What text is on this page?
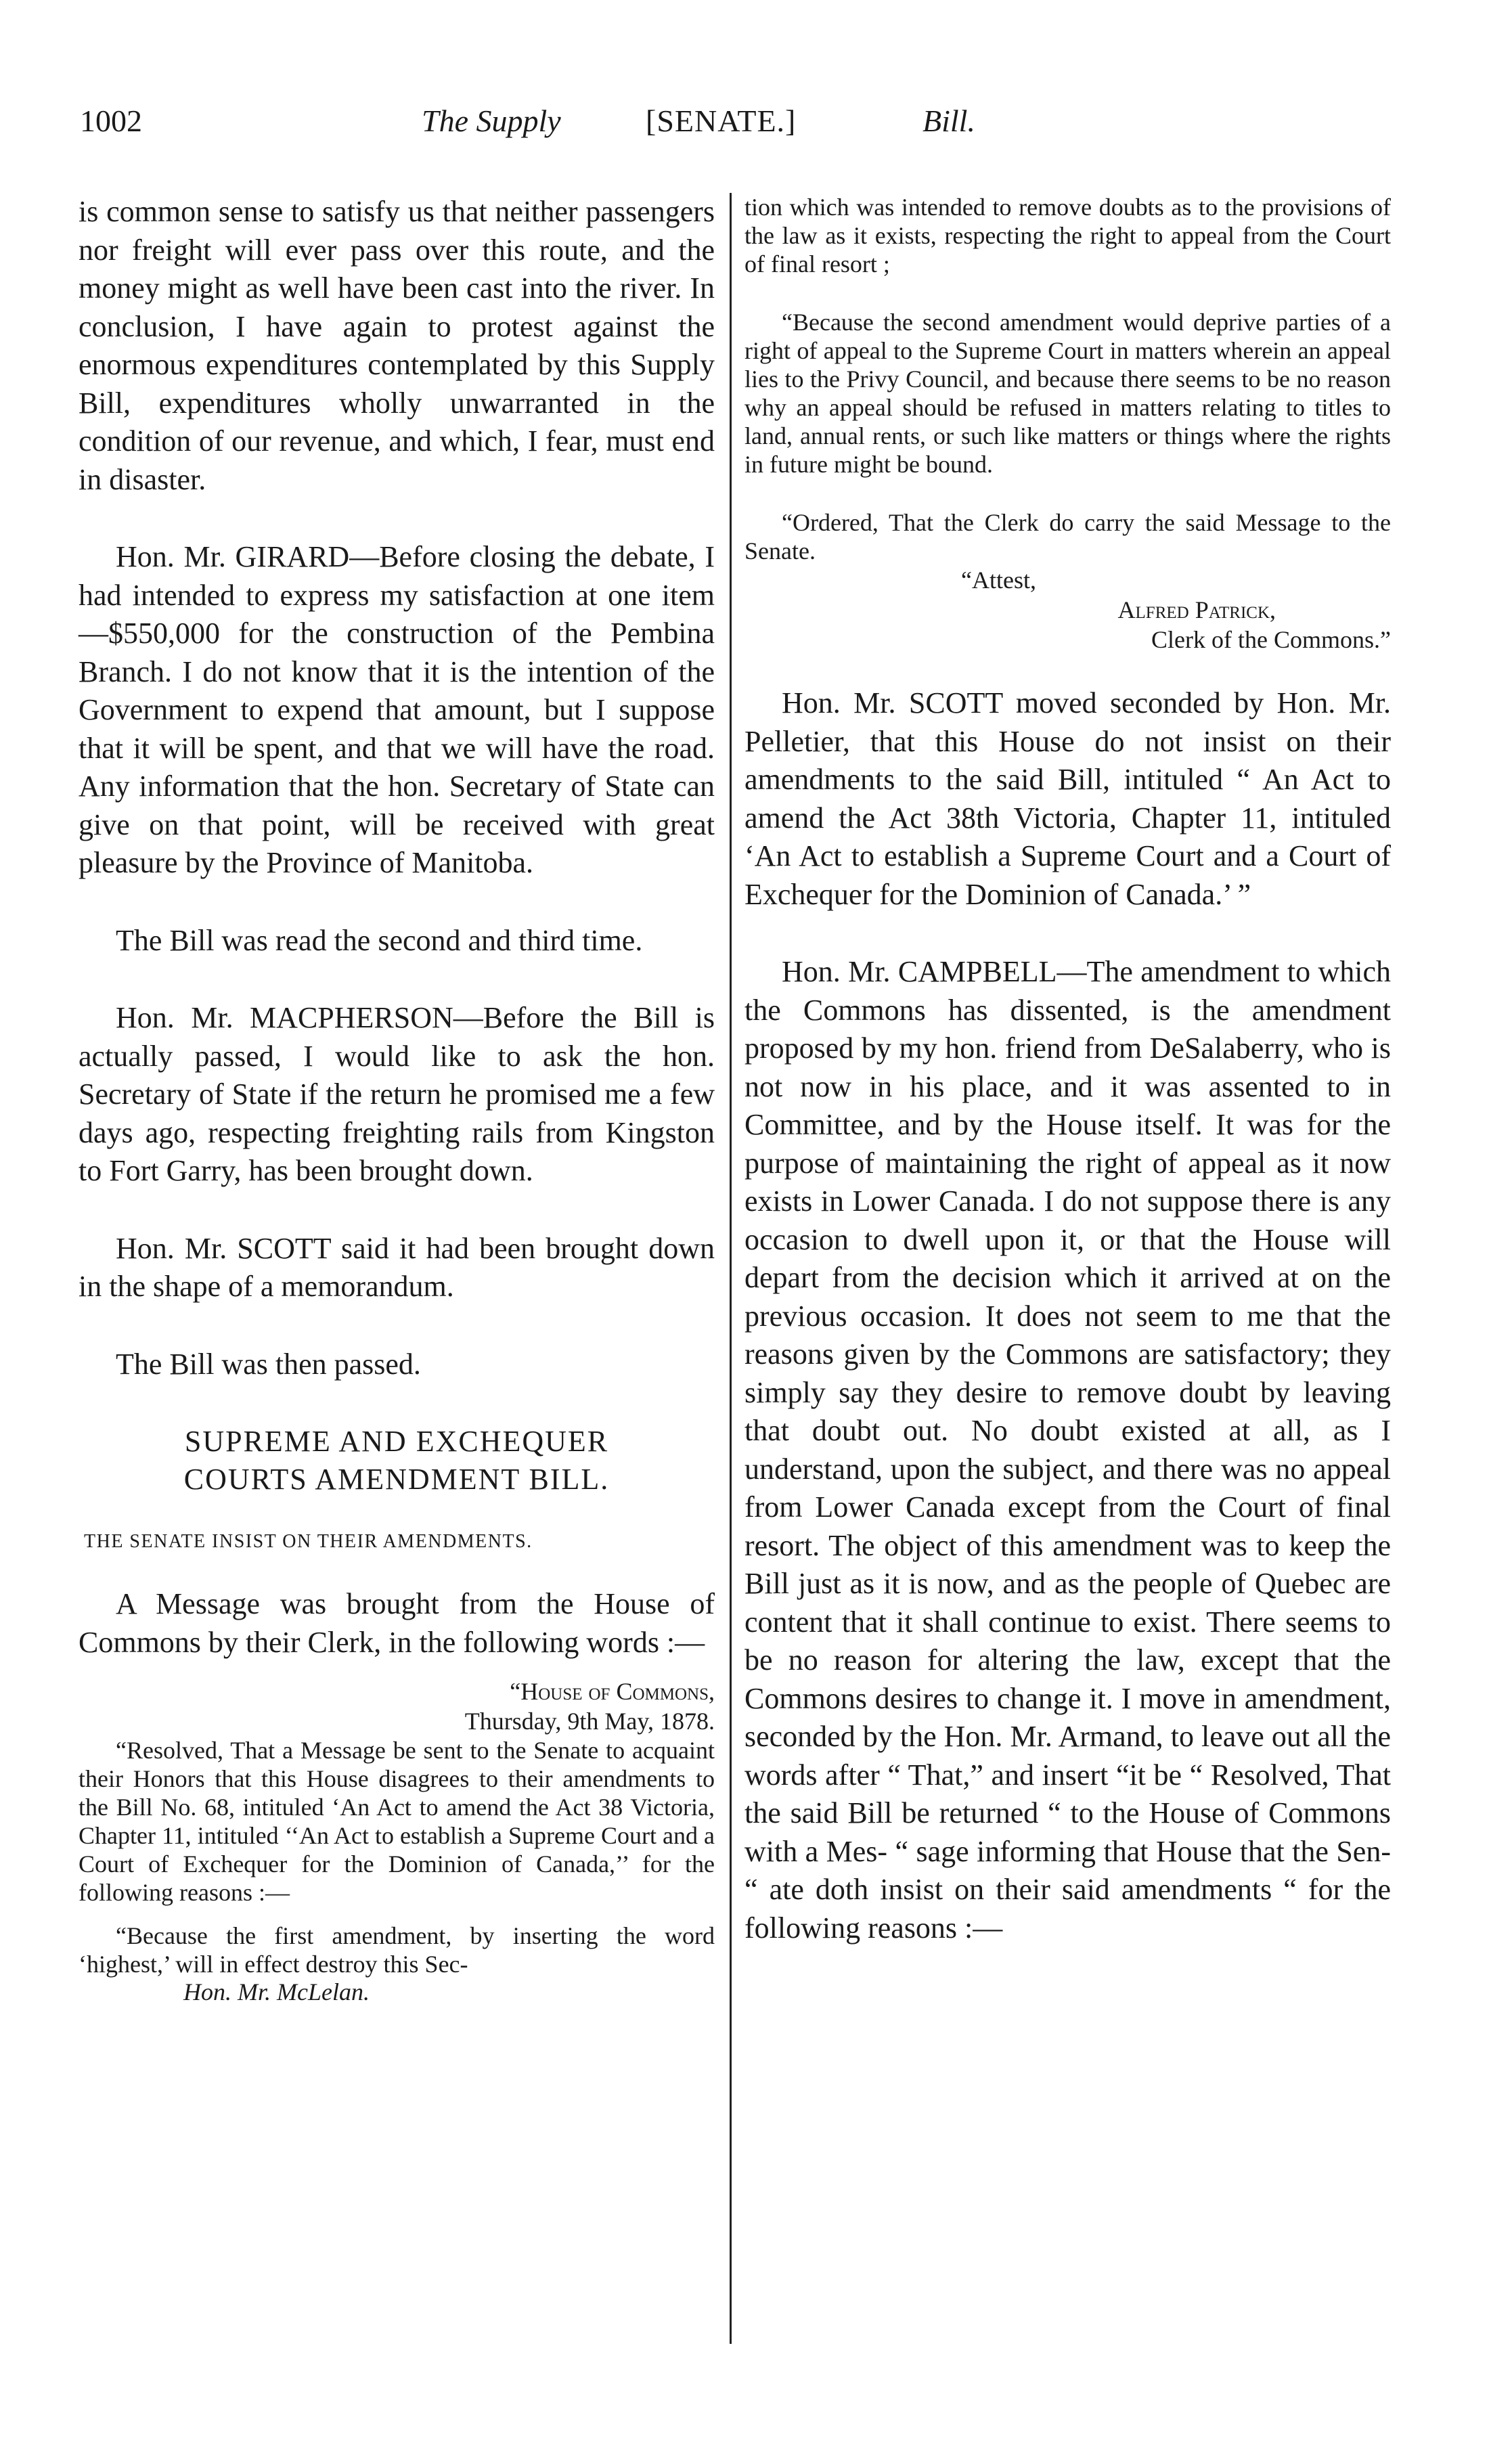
1002	The Supply	[SENATE.]	Bill.

is common sense to satisfy us that neither passengers nor freight will ever pass over this route, and the money might as well have been cast into the river. In conclusion, I have again to protest against the enormous expenditures contemplated by this Supply Bill, expenditures wholly unwarranted in the condition of our revenue, and which, I fear, must end in disaster.

Hon. Mr. GIRARD—Before closing the debate, I had intended to express my satisfaction at one item—$550,000 for the construction of the Pembina Branch. I do not know that it is the intention of the Government to expend that amount, but I suppose that it will be spent, and that we will have the road. Any information that the hon. Secretary of State can give on that point, will be received with great pleasure by the Province of Manitoba.

The Bill was read the second and third time.

Hon. Mr. MACPHERSON—Before the Bill is actually passed, I would like to ask the hon. Secretary of State if the return he promised me a few days ago, respecting freighting rails from Kingston to Fort Garry, has been brought down.

Hon. Mr. SCOTT said it had been brought down in the shape of a memorandum.

The Bill was then passed.

SUPREME AND EXCHEQUER
COURTS AMENDMENT BILL.
THE SENATE INSIST ON THEIR AMENDMENTS.

A Message was brought from the House of Commons by their Clerk, in the following words :—

“House of Commons,
Thursday, 9th May, 1878.

“Resolved, That a Message be sent to the Senate to acquaint their Honors that this House disagrees to their amendments to the Bill No. 68, intituled ‘An Act to amend the Act 38 Victoria, Chapter 11, intituled ‘‘An Act to establish a Supreme Court and a Court of Exchequer for the Dominion of Canada,’’ for the following reasons :—

“Because the first amendment, by inserting the word ‘highest,’ will in effect destroy this Sec-

Hon. Mr. McLelan.

tion which was intended to remove doubts as to the provisions of the law as it exists, respecting the right to appeal from the Court of final resort ;

“Because the second amendment would deprive parties of a right of appeal to the Supreme Court in matters wherein an appeal lies to the Privy Council, and because there seems to be no reason why an appeal should be refused in matters relating to titles to land, annual rents, or such like matters or things where the rights in future might be bound.

“Ordered, That the Clerk do carry the said Message to the Senate.

“Attest,
Alfred Patrick,
Clerk of the Commons.”

Hon. Mr. SCOTT moved seconded by Hon. Mr. Pelletier, that this House do not insist on their amendments to the said Bill, intituled “ An Act to amend the Act 38th Victoria, Chapter 11, intituled ‘An Act to establish a Supreme Court and a Court of Exchequer for the Dominion of Canada.’ ”

Hon. Mr. CAMPBELL—The amendment to which the Commons has dissented, is the amendment proposed by my hon. friend from DeSalaberry, who is not now in his place, and it was assented to in Committee, and by the House itself. It was for the purpose of maintaining the right of appeal as it now exists in Lower Canada. I do not suppose there is any occasion to dwell upon it, or that the House will depart from the decision which it arrived at on the previous occasion. It does not seem to me that the reasons given by the Commons are satisfactory; they simply say they desire to remove doubt by leaving that doubt out. No doubt existed at all, as I understand, upon the subject, and there was no appeal from Lower Canada except from the Court of final resort. The object of this amendment was to keep the Bill just as it is now, and as the people of Quebec are content that it shall continue to exist. There seems to be no reason for altering the law, except that the Commons desires to change it. I move in amendment, seconded by the Hon. Mr. Armand, to leave out all the words after “ That,” and insert “it be “ Resolved, That the said Bill be returned “ to the House of Commons with a Mes- “ sage informing that House that the Sen- “ ate doth insist on their said amendments “ for the following reasons :—
